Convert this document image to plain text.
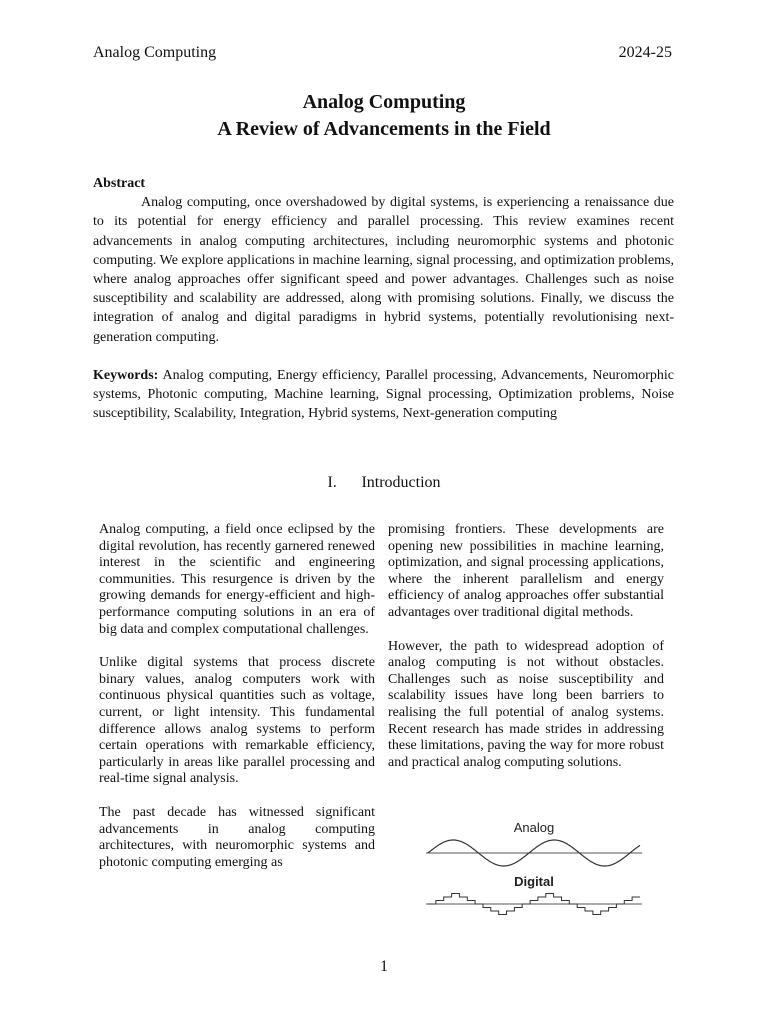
Analog Computing	2024-25
Analog Computing
A Review of Advancements in the Field
Abstract

Analog computing, once overshadowed by digital systems, is experiencing a renaissance due to its potential for energy efficiency and parallel processing. This review examines recent advancements in analog computing architectures, including neuromorphic systems and photonic computing. We explore applications in machine learning, signal processing, and optimization problems, where analog approaches offer significant speed and power advantages. Challenges such as noise susceptibility and scalability are addressed, along with promising solutions. Finally, we discuss the integration of analog and digital paradigms in hybrid systems, potentially revolutionising next-generation computing.

Keywords: Analog computing, Energy efficiency, Parallel processing, Advancements, Neuromorphic systems, Photonic computing, Machine learning, Signal processing, Optimization problems, Noise susceptibility, Scalability, Integration, Hybrid systems, Next-generation computing

I. Introduction

Analog computing, a field once eclipsed by the digital revolution, has recently garnered renewed interest in the scientific and engineering communities. This resurgence is driven by the growing demands for energy-efficient and high-performance computing solutions in an era of big data and complex computational challenges.

Unlike digital systems that process discrete binary values, analog computers work with continuous physical quantities such as voltage, current, or light intensity. This fundamental difference allows analog systems to perform certain operations with remarkable efficiency, particularly in areas like parallel processing and real-time signal analysis.

The past decade has witnessed significant advancements in analog computing architectures, with neuromorphic systems and photonic computing emerging as

promising frontiers. These developments are opening new possibilities in machine learning, optimization, and signal processing applications, where the inherent parallelism and energy efficiency of analog approaches offer substantial advantages over traditional digital methods.

However, the path to widespread adoption of analog computing is not without obstacles. Challenges such as noise susceptibility and scalability issues have long been barriers to realising the full potential of analog systems. Recent research has made strides in addressing these limitations, paving the way for more robust and practical analog computing solutions.

Analog
Digital
1
